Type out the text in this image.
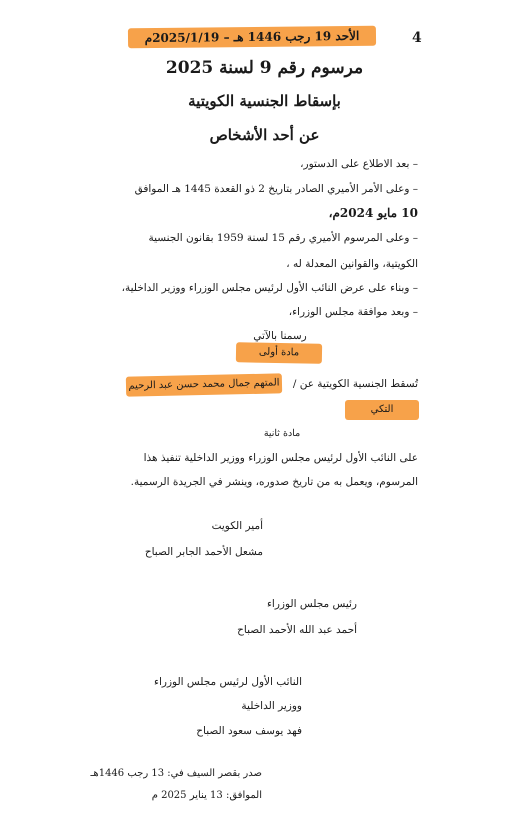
4
الأحد 19 رجب 1446 هـ – 2025/1/19م
مرسوم رقم 9 لسنة 2025
بإسقاط الجنسية الكويتية
عن أحد الأشخاص
– بعد الاطلاع على الدستور،
– وعلى الأمر الأميري الصادر بتاريخ 2 ذو القعدة 1445 هـ الموافق
10 مايو 2024م،
– وعلى المرسوم الأميري رقم 15 لسنة 1959 بقانون الجنسية
الكويتية، والقوانين المعدلة له ،
– وبناء على عرض النائب الأول لرئيس مجلس الوزراء ووزير الداخلية،
– وبعد موافقة مجلس الوزراء،
رسمنا بالآتي
مادة أولى
تُسقط الجنسية الكويتية عن /
المتهم جمال محمد حسن عبد الرحيم
التكي
مادة ثانية
على النائب الأول لرئيس مجلس الوزراء ووزير الداخلية تنفيذ هذا
المرسوم، ويعمل به من تاريخ صدوره، وينشر في الجريدة الرسمية.
أمير الكويت
مشعل الأحمد الجابر الصباح
رئيس مجلس الوزراء
أحمد عبد الله الأحمد الصباح
النائب الأول لرئيس مجلس الوزراء
ووزير الداخلية
فهد يوسف سعود الصباح
صدر بقصر السيف في: 13 رجب 1446هـ
الموافق: 13 يناير 2025 م
